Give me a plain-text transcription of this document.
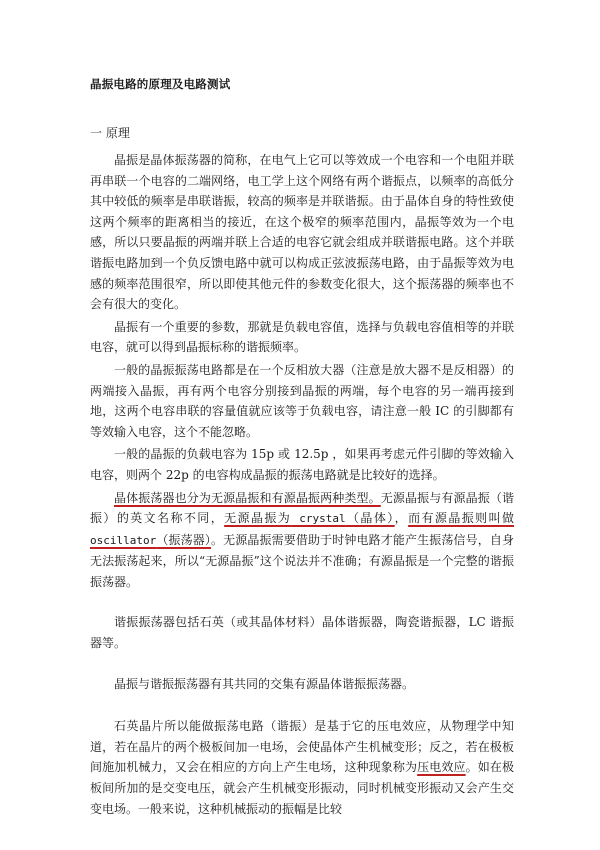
晶振电路的原理及电路测试
一 原理

晶振是晶体振荡器的简称，在电气上它可以等效成一个电容和一个电阻并联再串联一个电容的二端网络，电工学上这个网络有两个谐振点，以频率的高低分其中较低的频率是串联谐振，较高的频率是并联谐振。由于晶体自身的特性致使这两个频率的距离相当的接近，在这个极窄的频率范围内，晶振等效为一个电感，所以只要晶振的两端并联上合适的电容它就会组成并联谐振电路。这个并联谐振电路加到一个负反馈电路中就可以构成正弦波振荡电路，由于晶振等效为电感的频率范围很窄，所以即使其他元件的参数变化很大，这个振荡器的频率也不会有很大的变化。

晶振有一个重要的参数，那就是负载电容值，选择与负载电容值相等的并联电容，就可以得到晶振标称的谐振频率。

一般的晶振振荡电路都是在一个反相放大器（注意是放大器不是反相器）的两端接入晶振，再有两个电容分别接到晶振的两端，每个电容的另一端再接到地，这两个电容串联的容量值就应该等于负载电容，请注意一般 IC 的引脚都有等效输入电容，这个不能忽略。

一般的晶振的负载电容为 15p 或 12.5p ，如果再考虑元件引脚的等效输入电容，则两个 22p 的电容构成晶振的振荡电路就是比较好的选择。

晶体振荡器也分为无源晶振和有源晶振两种类型。无源晶振与有源晶振（谐振）的英文名称不同，无源晶振为 crystal（晶体），而有源晶振则叫做 oscillator（振荡器）。无源晶振需要借助于时钟电路才能产生振荡信号，自身无法振荡起来，所以“无源晶振”这个说法并不准确；有源晶振是一个完整的谐振振荡器。

谐振振荡器包括石英（或其晶体材料）晶体谐振器，陶瓷谐振器，LC 谐振器等。

晶振与谐振振荡器有其共同的交集有源晶体谐振振荡器。

石英晶片所以能做振荡电路（谐振）是基于它的压电效应，从物理学中知道，若在晶片的两个极板间加一电场，会使晶体产生机械变形；反之，若在极板间施加机械力，又会在相应的方向上产生电场，这种现象称为压电效应。如在极板间所加的是交变电压，就会产生机械变形振动，同时机械变形振动又会产生交变电场。一般来说，这种机械振动的振幅是比较
